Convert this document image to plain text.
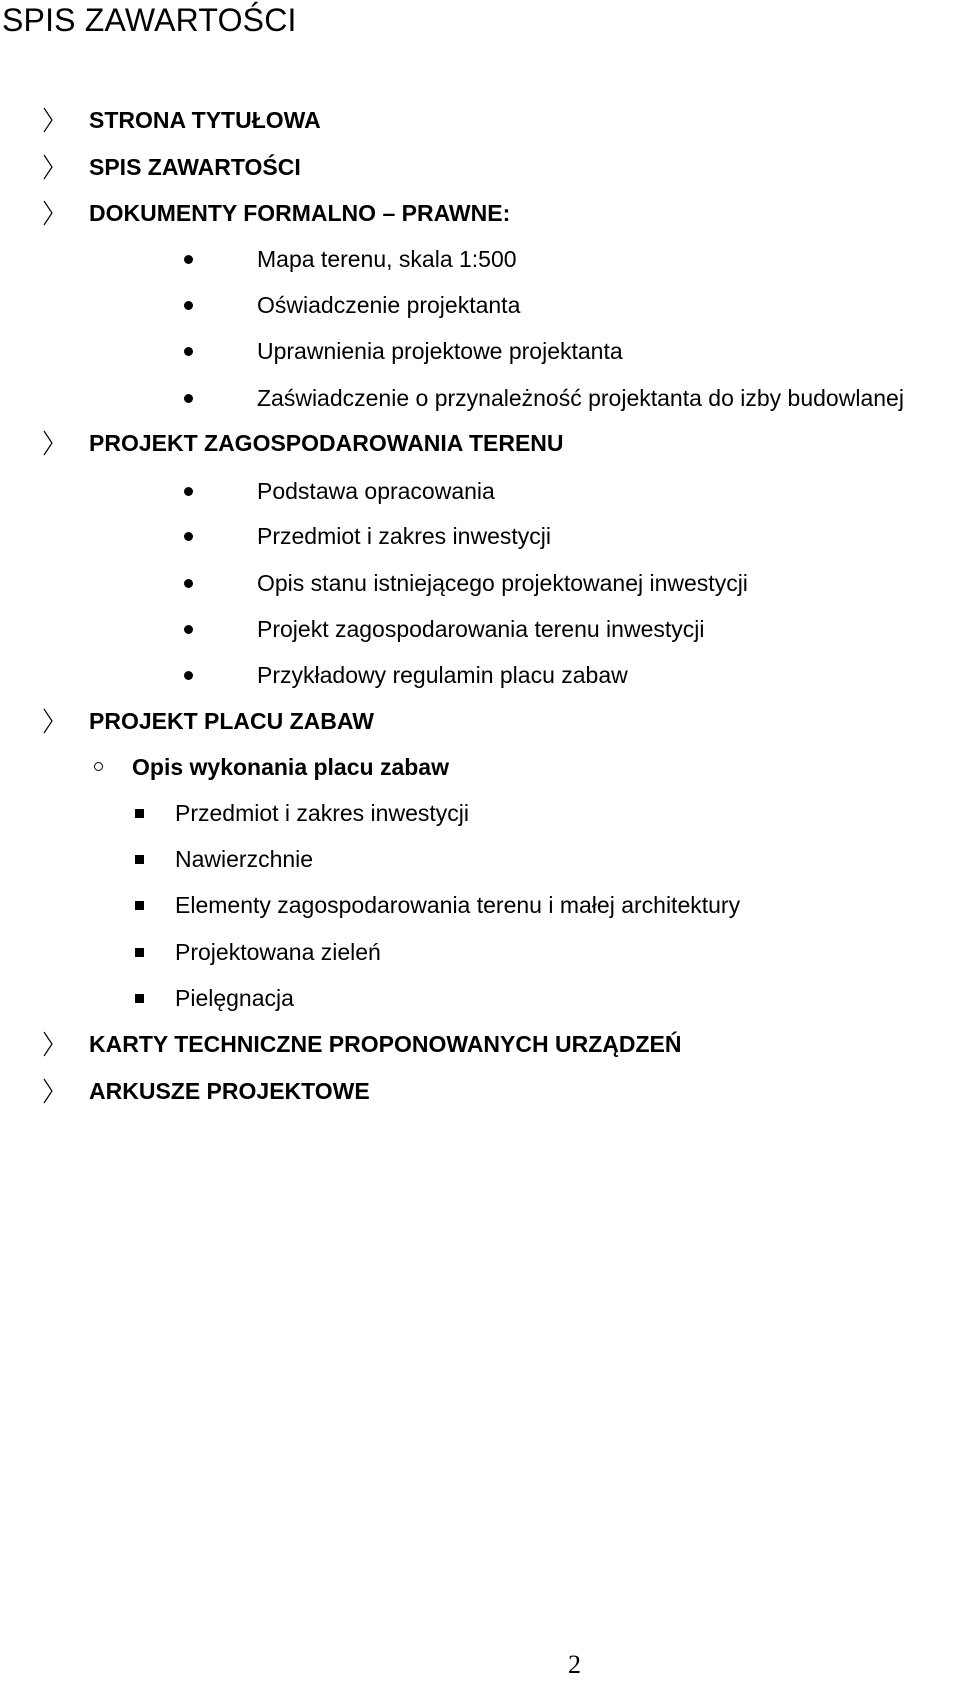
SPIS ZAWARTOŚCI
STRONA TYTUŁOWA
SPIS ZAWARTOŚCI
DOKUMENTY FORMALNO – PRAWNE:
Mapa terenu, skala 1:500
Oświadczenie projektanta
Uprawnienia projektowe projektanta
Zaświadczenie o przynależność projektanta do izby budowlanej
PROJEKT ZAGOSPODAROWANIA TERENU
Podstawa opracowania
Przedmiot i zakres inwestycji
Opis stanu istniejącego projektowanej inwestycji
Projekt zagospodarowania terenu inwestycji
Przykładowy regulamin placu zabaw
PROJEKT PLACU ZABAW
Opis wykonania placu zabaw
Przedmiot i zakres inwestycji
Nawierzchnie
Elementy zagospodarowania terenu i małej architektury
Projektowana zieleń
Pielęgnacja
KARTY TECHNICZNE PROPONOWANYCH URZĄDZEŃ
ARKUSZE PROJEKTOWE
2
